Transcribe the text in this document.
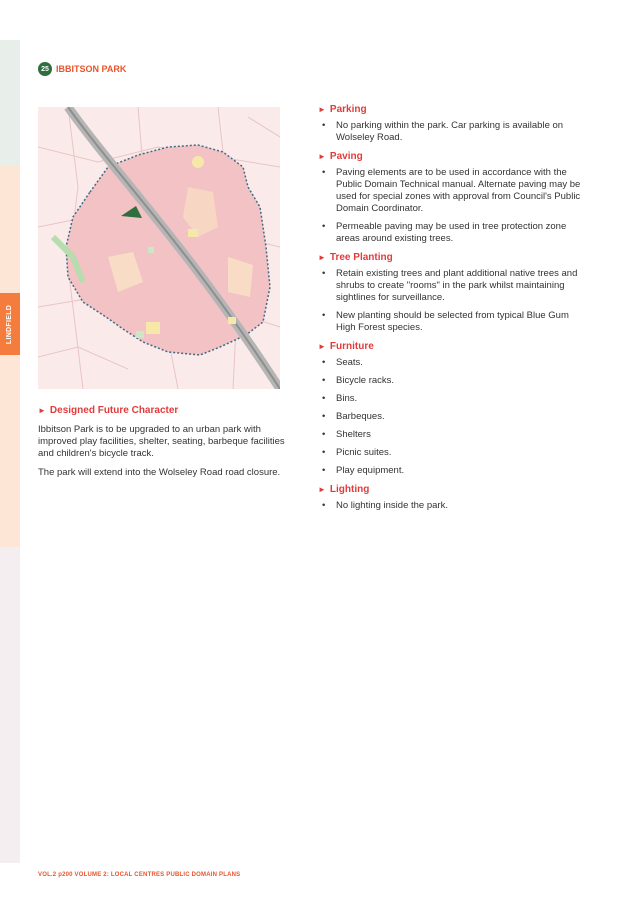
LINDFIELD
25 IBBITSON PARK
► Designed Future Character

Ibbitson Park is to be upgraded to an urban park with improved play facilities, shelter, seating, barbeque facilities and children's bicycle track.

The park will extend into the Wolseley Road road closure.

► Parking
• No parking within the park. Car parking is available on Wolseley Road.
► Paving
• Paving elements are to be used in accordance with the Public Domain Technical manual. Alternate paving may be used for special zones with approval from Council's Public Domain Coordinator.
• Permeable paving may be used in tree protection zone areas around existing trees.
► Tree Planting
• Retain existing trees and plant additional native trees and shrubs to create "rooms" in the park whilst maintaining sightlines for surveillance.
• New planting should be selected from typical Blue Gum High Forest species.
► Furniture
• Seats.
• Bicycle racks.
• Bins.
• Barbeques.
• Shelters
• Picnic suites.
• Play equipment.
► Lighting
• No lighting inside the park.
VOL.2 p200 VOLUME 2: LOCAL CENTRES PUBLIC DOMAIN PLANS
